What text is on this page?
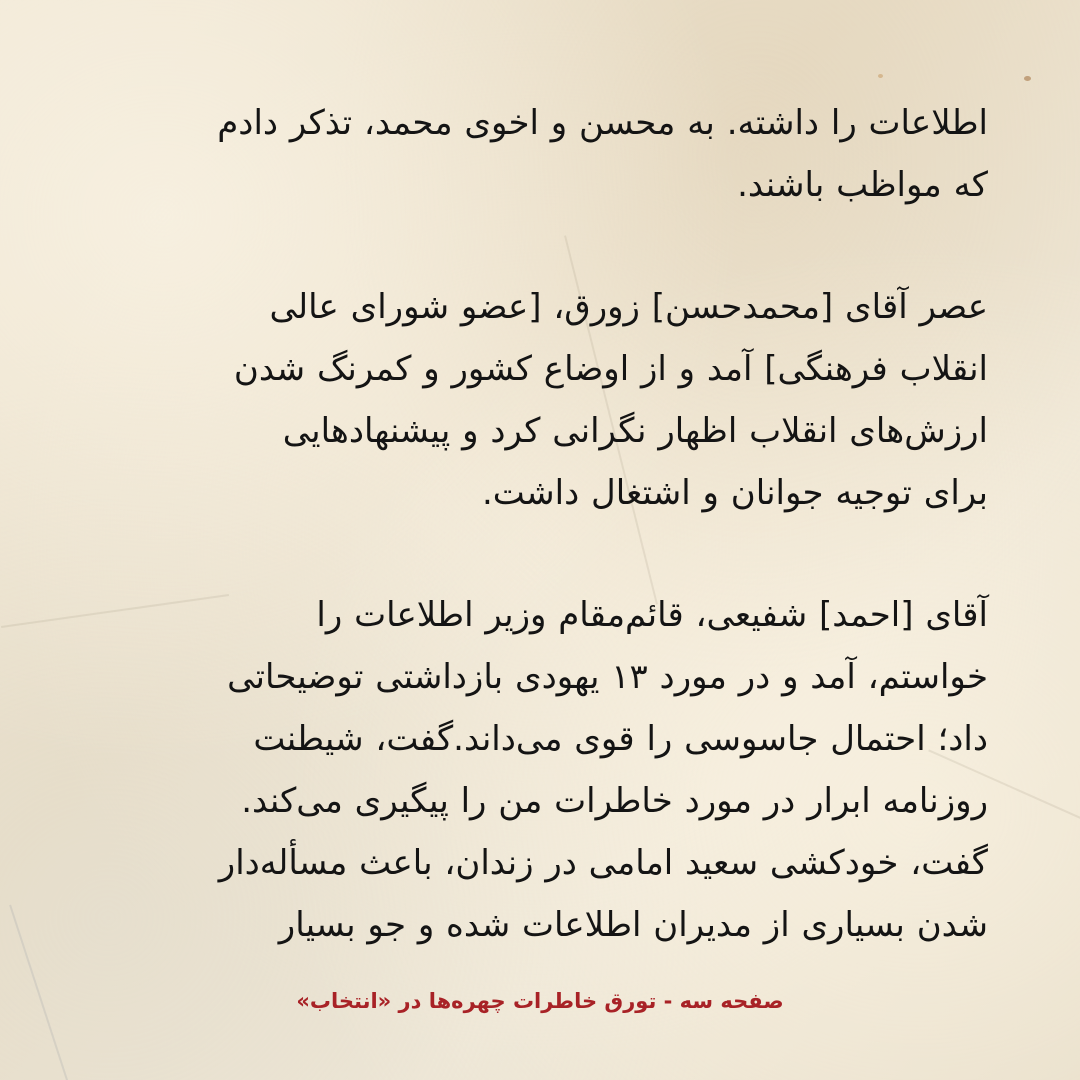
اطلاعات را داشته. به محسن و اخوی محمد، تذکر دادم
که مواظب باشند.

عصر آقای [محمدحسن] زورق، [عضو شورای عالی
انقلاب فرهنگی] آمد و از اوضاع کشور و کمرنگ شدن
ارزش‌های انقلاب اظهار نگرانی کرد و پیشنهادهایی
برای توجیه جوانان و اشتغال داشت.

آقای [احمد] شفیعی، قائم‌مقام وزیر اطلاعات را
خواستم، آمد و در مورد ۱۳ یهودی بازداشتی توضیحاتی
داد؛ احتمال جاسوسی را قوی می‌داند.گفت، شیطنت
روزنامه ابرار در مورد خاطرات من را پیگیری می‌کند.
گفت، خودکشی سعید امامی در زندان، باعث مسأله‌دار
شدن بسیاری از مدیران اطلاعات شده و جو بسیار

صفحه سه - تورق خاطرات چهره‌ها در «انتخاب»
